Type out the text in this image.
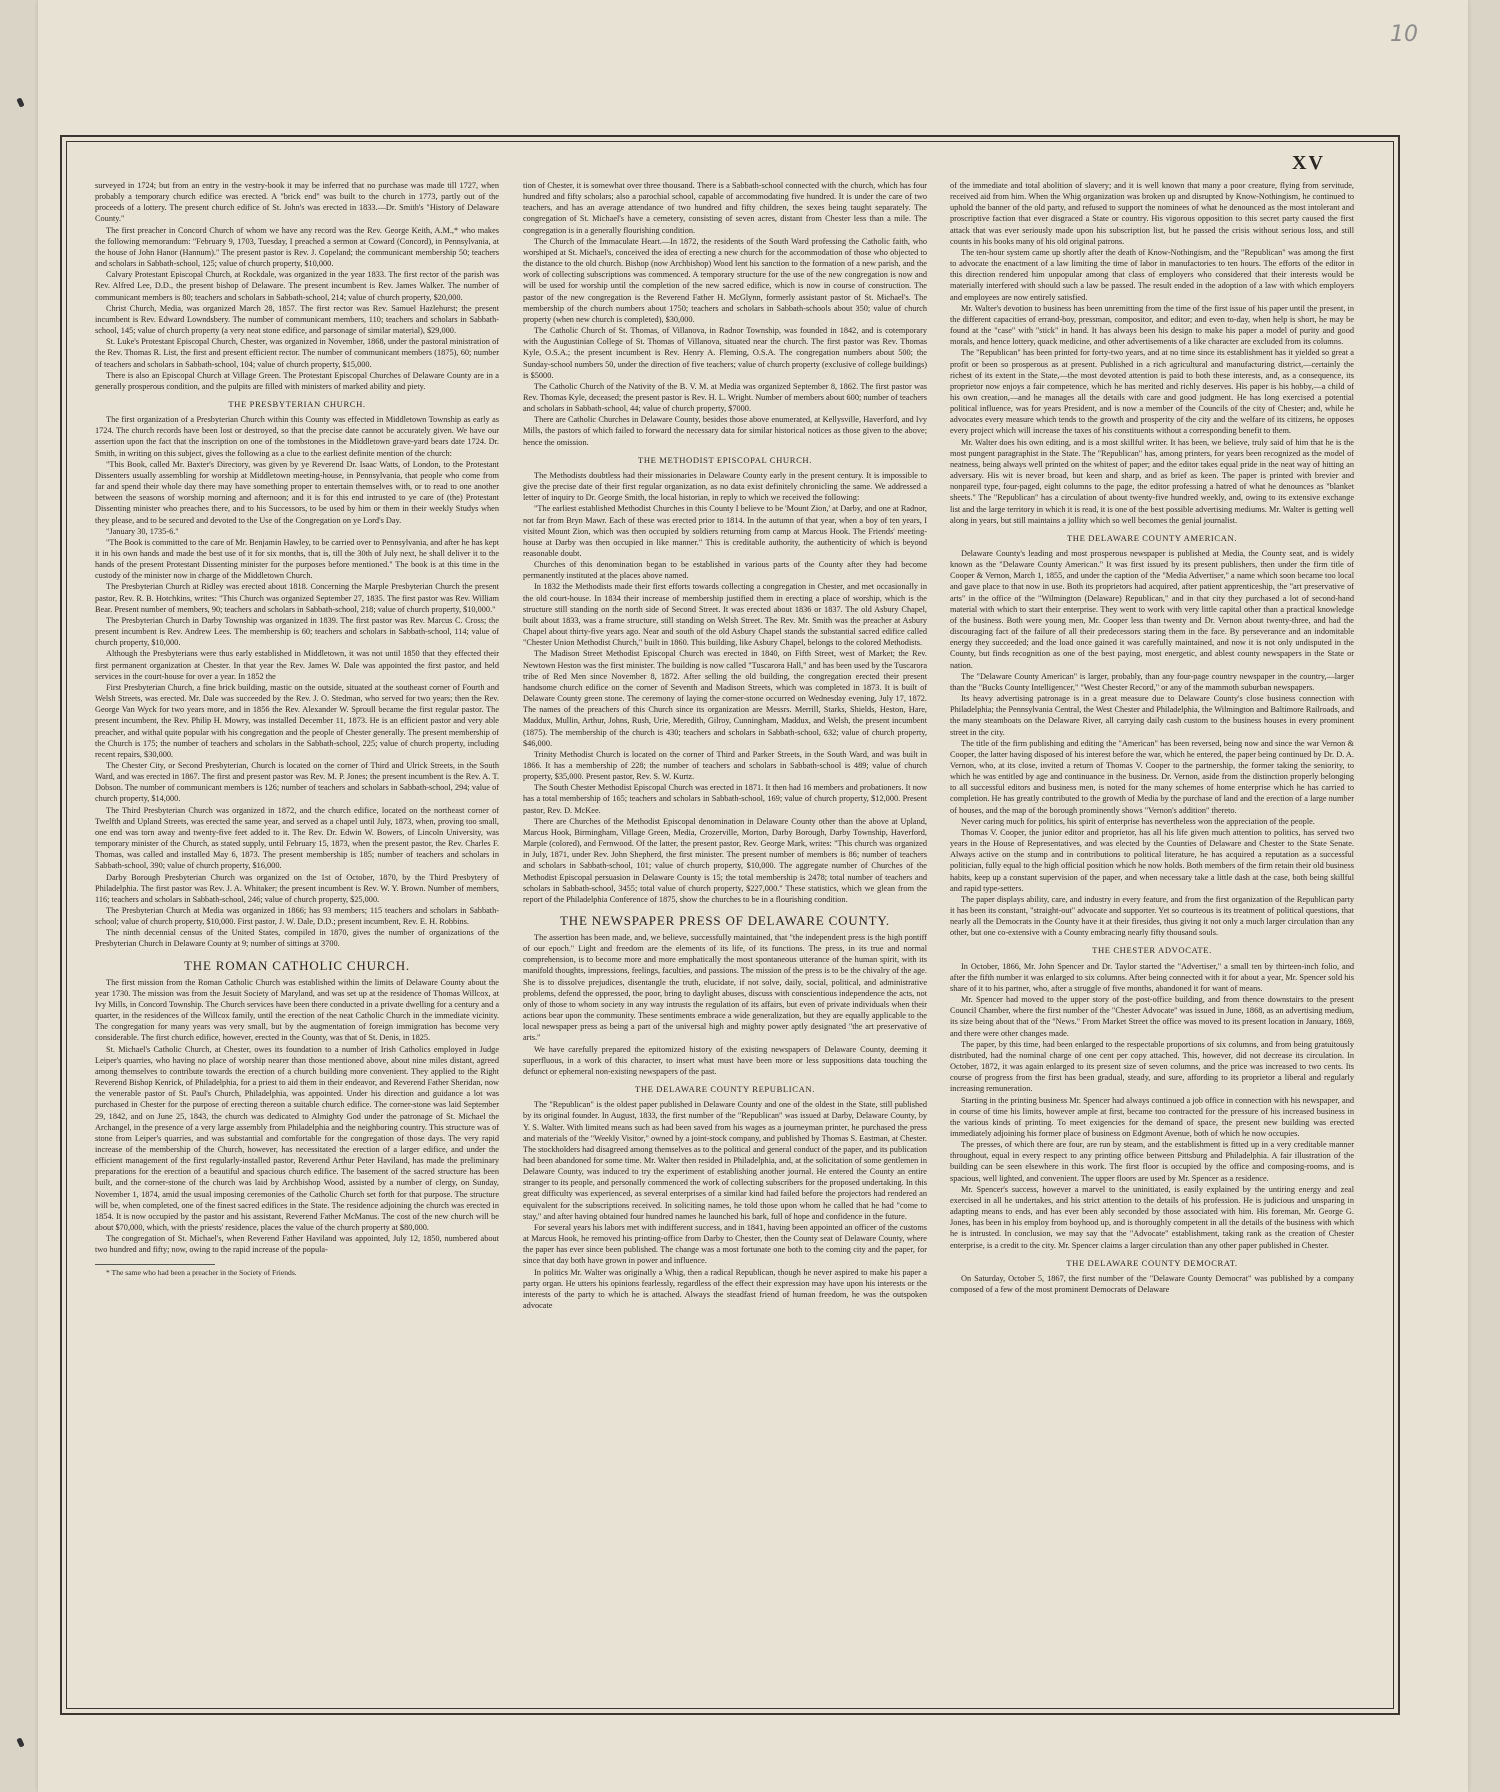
10
XV

surveyed in 1724; but from an entry in the vestry-book it may be inferred that no purchase was made till 1727, when probably a temporary church edifice was erected. A "brick end" was built to the church in 1773, partly out of the proceeds of a lottery. The present church edifice of St. John's was erected in 1833.—Dr. Smith's "History of Delaware County."

The first preacher in Concord Church of whom we have any record was the Rev. George Keith, A.M.,* who makes the following memorandum: "February 9, 1703, Tuesday, I preached a sermon at Coward (Concord), in Pennsylvania, at the house of John Hanor (Hannum)." The present pastor is Rev. J. Copeland; the communicant membership 50; teachers and scholars in Sabbath-school, 125; value of church property, $10,000.

Calvary Protestant Episcopal Church, at Rockdale, was organized in the year 1833. The first rector of the parish was Rev. Alfred Lee, D.D., the present bishop of Delaware. The present incumbent is Rev. James Walker. The number of communicant members is 80; teachers and scholars in Sabbath-school, 214; value of church property, $20,000.

Christ Church, Media, was organized March 28, 1857. The first rector was Rev. Samuel Hazlehurst; the present incumbent is Rev. Edward Lowndsbery. The number of communicant members, 110; teachers and scholars in Sabbath-school, 145; value of church property (a very neat stone edifice, and parsonage of similar material), $29,000.

St. Luke's Protestant Episcopal Church, Chester, was organized in November, 1868, under the pastoral ministration of the Rev. Thomas R. List, the first and present efficient rector. The number of communicant members (1875), 60; number of teachers and scholars in Sabbath-school, 104; value of church property, $15,000.

There is also an Episcopal Church at Village Green. The Protestant Episcopal Churches of Delaware County are in a generally prosperous condition, and the pulpits are filled with ministers of marked ability and piety.

THE PRESBYTERIAN CHURCH.

The first organization of a Presbyterian Church within this County was effected in Middletown Township as early as 1724. The church records have been lost or destroyed, so that the precise date cannot be accurately given. We have our assertion upon the fact that the inscription on one of the tombstones in the Middletown grave-yard bears date 1724. Dr. Smith, in writing on this subject, gives the following as a clue to the earliest definite mention of the church:

"This Book, called Mr. Baxter's Directory, was given by ye Reverend Dr. Isaac Watts, of London, to the Protestant Dissenters usually assembling for worship at Middletown meeting-house, in Pennsylvania, that people who come from far and spend their whole day there may have something proper to entertain themselves with, or to read to one another between the seasons of worship morning and afternoon; and it is for this end intrusted to ye care of (the) Protestant Dissenting minister who preaches there, and to his Successors, to be used by him or them in their weekly Studys when they please, and to be secured and devoted to the Use of the Congregation on ye Lord's Day.

"January 30, 1735-6."

"The Book is committed to the care of Mr. Benjamin Hawley, to be carried over to Pennsylvania, and after he has kept it in his own hands and made the best use of it for six months, that is, till the 30th of July next, he shall deliver it to the hands of the present Protestant Dissenting minister for the purposes before mentioned." The book is at this time in the custody of the minister now in charge of the Middletown Church.

The Presbyterian Church at Ridley was erected about 1818. Concerning the Marple Presbyterian Church the present pastor, Rev. R. B. Hotchkins, writes: "This Church was organized September 27, 1835. The first pastor was Rev. William Bear. Present number of members, 90; teachers and scholars in Sabbath-school, 218; value of church property, $10,000."

The Presbyterian Church in Darby Township was organized in 1839. The first pastor was Rev. Marcus C. Cross; the present incumbent is Rev. Andrew Lees. The membership is 60; teachers and scholars in Sabbath-school, 114; value of church property, $10,000.

Although the Presbyterians were thus early established in Middletown, it was not until 1850 that they effected their first permanent organization at Chester. In that year the Rev. James W. Dale was appointed the first pastor, and held services in the court-house for over a year. In 1852 the

First Presbyterian Church, a fine brick building, mastic on the outside, situated at the southeast corner of Fourth and Welsh Streets, was erected. Mr. Dale was succeeded by the Rev. J. O. Stedman, who served for two years; then the Rev. George Van Wyck for two years more, and in 1856 the Rev. Alexander W. Sproull became the first regular pastor. The present incumbent, the Rev. Philip H. Mowry, was installed December 11, 1873. He is an efficient pastor and very able preacher, and withal quite popular with his congregation and the people of Chester generally. The present membership of the Church is 175; the number of teachers and scholars in the Sabbath-school, 225; value of church property, including recent repairs, $30,000.

The Chester City, or Second Presbyterian, Church is located on the corner of Third and Ulrick Streets, in the South Ward, and was erected in 1867. The first and present pastor was Rev. M. P. Jones; the present incumbent is the Rev. A. T. Dobson. The number of communicant members is 126; number of teachers and scholars in Sabbath-school, 294; value of church property, $14,000.

The Third Presbyterian Church was organized in 1872, and the church edifice, located on the northeast corner of Twelfth and Upland Streets, was erected the same year, and served as a chapel until July, 1873, when, proving too small, one end was torn away and twenty-five feet added to it. The Rev. Dr. Edwin W. Bowers, of Lincoln University, was temporary minister of the Church, as stated supply, until February 15, 1873, when the present pastor, the Rev. Charles F. Thomas, was called and installed May 6, 1873. The present membership is 185; number of teachers and scholars in Sabbath-school, 390; value of church property, $16,000.

Darby Borough Presbyterian Church was organized on the 1st of October, 1870, by the Third Presbytery of Philadelphia. The first pastor was Rev. J. A. Whitaker; the present incumbent is Rev. W. Y. Brown. Number of members, 116; teachers and scholars in Sabbath-school, 246; value of church property, $25,000.

The Presbyterian Church at Media was organized in 1866; has 93 members; 115 teachers and scholars in Sabbath-school; value of church property, $10,000. First pastor, J. W. Dale, D.D.; present incumbent, Rev. E. H. Robbins.

The ninth decennial census of the United States, compiled in 1870, gives the number of organizations of the Presbyterian Church in Delaware County at 9; number of sittings at 3700.

THE ROMAN CATHOLIC CHURCH.

The first mission from the Roman Catholic Church was established within the limits of Delaware County about the year 1730. The mission was from the Jesuit Society of Maryland, and was set up at the residence of Thomas Willcox, at Ivy Mills, in Concord Township. The Church services have been there conducted in a private dwelling for a century and a quarter, in the residences of the Willcox family, until the erection of the neat Catholic Church in the immediate vicinity. The congregation for many years was very small, but by the augmentation of foreign immigration has become very considerable. The first church edifice, however, erected in the County, was that of St. Denis, in 1825.

St. Michael's Catholic Church, at Chester, owes its foundation to a number of Irish Catholics employed in Judge Leiper's quarries, who having no place of worship nearer than those mentioned above, about nine miles distant, agreed among themselves to contribute towards the erection of a church building more convenient. They applied to the Right Reverend Bishop Kenrick, of Philadelphia, for a priest to aid them in their endeavor, and Reverend Father Sheridan, now the venerable pastor of St. Paul's Church, Philadelphia, was appointed. Under his direction and guidance a lot was purchased in Chester for the purpose of erecting thereon a suitable church edifice. The corner-stone was laid September 29, 1842, and on June 25, 1843, the church was dedicated to Almighty God under the patronage of St. Michael the Archangel, in the presence of a very large assembly from Philadelphia and the neighboring country. This structure was of stone from Leiper's quarries, and was substantial and comfortable for the congregation of those days. The very rapid increase of the membership of the Church, however, has necessitated the erection of a larger edifice, and under the efficient management of the first regularly-installed pastor, Reverend Arthur Peter Haviland, has made the preliminary preparations for the erection of a beautiful and spacious church edifice. The basement of the sacred structure has been built, and the corner-stone of the church was laid by Archbishop Wood, assisted by a number of clergy, on Sunday, November 1, 1874, amid the usual imposing ceremonies of the Catholic Church set forth for that purpose. The structure will be, when completed, one of the finest sacred edifices in the State. The residence adjoining the church was erected in 1854. It is now occupied by the pastor and his assistant, Reverend Father McManus. The cost of the new church will be about $70,000, which, with the priests' residence, places the value of the church property at $80,000.

The congregation of St. Michael's, when Reverend Father Haviland was appointed, July 12, 1850, numbered about two hundred and fifty; now, owing to the rapid increase of the popula-

* The same who had been a preacher in the Society of Friends.

tion of Chester, it is somewhat over three thousand. There is a Sabbath-school connected with the church, which has four hundred and fifty scholars; also a parochial school, capable of accommodating five hundred. It is under the care of two teachers, and has an average attendance of two hundred and fifty children, the sexes being taught separately. The congregation of St. Michael's have a cemetery, consisting of seven acres, distant from Chester less than a mile. The congregation is in a generally flourishing condition.

The Church of the Immaculate Heart.—In 1872, the residents of the South Ward professing the Catholic faith, who worshiped at St. Michael's, conceived the idea of erecting a new church for the accommodation of those who objected to the distance to the old church. Bishop (now Archbishop) Wood lent his sanction to the formation of a new parish, and the work of collecting subscriptions was commenced. A temporary structure for the use of the new congregation is now and will be used for worship until the completion of the new sacred edifice, which is now in course of construction. The pastor of the new congregation is the Reverend Father H. McGlynn, formerly assistant pastor of St. Michael's. The membership of the church numbers about 1750; teachers and scholars in Sabbath-schools about 350; value of church property (when new church is completed), $30,000.

The Catholic Church of St. Thomas, of Villanova, in Radnor Township, was founded in 1842, and is cotemporary with the Augustinian College of St. Thomas of Villanova, situated near the church. The first pastor was Rev. Thomas Kyle, O.S.A.; the present incumbent is Rev. Henry A. Fleming, O.S.A. The congregation numbers about 500; the Sunday-school numbers 50, under the direction of five teachers; value of church property (exclusive of college buildings) is $5000.

The Catholic Church of the Nativity of the B. V. M. at Media was organized September 8, 1862. The first pastor was Rev. Thomas Kyle, deceased; the present pastor is Rev. H. L. Wright. Number of members about 600; number of teachers and scholars in Sabbath-school, 44; value of church property, $7000.

There are Catholic Churches in Delaware County, besides those above enumerated, at Kellysville, Haverford, and Ivy Mills, the pastors of which failed to forward the necessary data for similar historical notices as those given to the above; hence the omission.

THE METHODIST EPISCOPAL CHURCH.

The Methodists doubtless had their missionaries in Delaware County early in the present century. It is impossible to give the precise date of their first regular organization, as no data exist definitely chronicling the same. We addressed a letter of inquiry to Dr. George Smith, the local historian, in reply to which we received the following:

"The earliest established Methodist Churches in this County I believe to be 'Mount Zion,' at Darby, and one at Radnor, not far from Bryn Mawr. Each of these was erected prior to 1814. In the autumn of that year, when a boy of ten years, I visited Mount Zion, which was then occupied by soldiers returning from camp at Marcus Hook. The Friends' meeting-house at Darby was then occupied in like manner." This is creditable authority, the authenticity of which is beyond reasonable doubt.

Churches of this denomination began to be established in various parts of the County after they had become permanently instituted at the places above named.

In 1832 the Methodists made their first efforts towards collecting a congregation in Chester, and met occasionally in the old court-house. In 1834 their increase of membership justified them in erecting a place of worship, which is the structure still standing on the north side of Second Street. It was erected about 1836 or 1837. The old Asbury Chapel, built about 1833, was a frame structure, still standing on Welsh Street. The Rev. Mr. Smith was the preacher at Asbury Chapel about thirty-five years ago. Near and south of the old Asbury Chapel stands the substantial sacred edifice called "Chester Union Methodist Church," built in 1860. This building, like Asbury Chapel, belongs to the colored Methodists.

The Madison Street Methodist Episcopal Church was erected in 1840, on Fifth Street, west of Market; the Rev. Newtown Heston was the first minister. The building is now called "Tuscarora Hall," and has been used by the Tuscarora tribe of Red Men since November 8, 1872. After selling the old building, the congregation erected their present handsome church edifice on the corner of Seventh and Madison Streets, which was completed in 1873. It is built of Delaware County green stone. The ceremony of laying the corner-stone occurred on Wednesday evening, July 17, 1872. The names of the preachers of this Church since its organization are Messrs. Merrill, Starks, Shields, Heston, Hare, Maddux, Mullin, Arthur, Johns, Rush, Urie, Meredith, Gilroy, Cunningham, Maddux, and Welsh, the present incumbent (1875). The membership of the church is 430; teachers and scholars in Sabbath-school, 632; value of church property, $46,000.

Trinity Methodist Church is located on the corner of Third and Parker Streets, in the South Ward, and was built in 1866. It has a membership of 228; the number of teachers and scholars in Sabbath-school is 489; value of church property, $35,000. Present pastor, Rev. S. W. Kurtz.

The South Chester Methodist Episcopal Church was erected in 1871. It then had 16 members and probationers. It now has a total membership of 165; teachers and scholars in Sabbath-school, 169; value of church property, $12,000. Present pastor, Rev. D. McKee.

There are Churches of the Methodist Episcopal denomination in Delaware County other than the above at Upland, Marcus Hook, Birmingham, Village Green, Media, Crozerville, Morton, Darby Borough, Darby Township, Haverford, Marple (colored), and Fernwood. Of the latter, the present pastor, Rev. George Mark, writes: "This church was organized in July, 1871, under Rev. John Shepherd, the first minister. The present number of members is 86; number of teachers and scholars in Sabbath-school, 101; value of church property, $10,000. The aggregate number of Churches of the Methodist Episcopal persuasion in Delaware County is 15; the total membership is 2478; total number of teachers and scholars in Sabbath-school, 3455; total value of church property, $227,000." These statistics, which we glean from the report of the Philadelphia Conference of 1875, show the churches to be in a flourishing condition.

THE NEWSPAPER PRESS OF DELAWARE COUNTY.

The assertion has been made, and, we believe, successfully maintained, that "the independent press is the high pontiff of our epoch." Light and freedom are the elements of its life, of its functions. The press, in its true and normal comprehension, is to become more and more emphatically the most spontaneous utterance of the human spirit, with its manifold thoughts, impressions, feelings, faculties, and passions. The mission of the press is to be the chivalry of the age. She is to dissolve prejudices, disentangle the truth, elucidate, if not solve, daily, social, political, and administrative problems, defend the oppressed, the poor, bring to daylight abuses, discuss with conscientious independence the acts, not only of those to whom society in any way intrusts the regulation of its affairs, but even of private individuals when their actions bear upon the community. These sentiments embrace a wide generalization, but they are equally applicable to the local newspaper press as being a part of the universal high and mighty power aptly designated "the art preservative of arts."

We have carefully prepared the epitomized history of the existing newspapers of Delaware County, deeming it superfluous, in a work of this character, to insert what must have been more or less suppositions data touching the defunct or ephemeral non-existing newspapers of the past.

THE DELAWARE COUNTY REPUBLICAN.

The "Republican" is the oldest paper published in Delaware County and one of the oldest in the State, still published by its original founder. In August, 1833, the first number of the "Republican" was issued at Darby, Delaware County, by Y. S. Walter. With limited means such as had been saved from his wages as a journeyman printer, he purchased the press and materials of the "Weekly Visitor," owned by a joint-stock company, and published by Thomas S. Eastman, at Chester. The stockholders had disagreed among themselves as to the political and general conduct of the paper, and its publication had been abandoned for some time. Mr. Walter then resided in Philadelphia, and, at the solicitation of some gentlemen in Delaware County, was induced to try the experiment of establishing another journal. He entered the County an entire stranger to its people, and personally commenced the work of collecting subscribers for the proposed undertaking. In this great difficulty was experienced, as several enterprises of a similar kind had failed before the projectors had rendered an equivalent for the subscriptions received. In soliciting names, he told those upon whom he called that he had "come to stay," and after having obtained four hundred names he launched his bark, full of hope and confidence in the future.

For several years his labors met with indifferent success, and in 1841, having been appointed an officer of the customs at Marcus Hook, he removed his printing-office from Darby to Chester, then the County seat of Delaware County, where the paper has ever since been published. The change was a most fortunate one both to the coming city and the paper, for since that day both have grown in power and influence.

In politics Mr. Walter was originally a Whig, then a radical Republican, though he never aspired to make his paper a party organ. He utters his opinions fearlessly, regardless of the effect their expression may have upon his interests or the interests of the party to which he is attached. Always the steadfast friend of human freedom, he was the outspoken advocate

of the immediate and total abolition of slavery; and it is well known that many a poor creature, flying from servitude, received aid from him. When the Whig organization was broken up and disrupted by Know-Nothingism, he continued to uphold the banner of the old party, and refused to support the nominees of what he denounced as the most intolerant and proscriptive faction that ever disgraced a State or country. His vigorous opposition to this secret party caused the first attack that was ever seriously made upon his subscription list, but he passed the crisis without serious loss, and still counts in his books many of his old original patrons.

The ten-hour system came up shortly after the death of Know-Nothingism, and the "Republican" was among the first to advocate the enactment of a law limiting the time of labor in manufactories to ten hours. The efforts of the editor in this direction rendered him unpopular among that class of employers who considered that their interests would be materially interfered with should such a law be passed. The result ended in the adoption of a law with which employers and employees are now entirely satisfied.

Mr. Walter's devotion to business has been unremitting from the time of the first issue of his paper until the present, in the different capacities of errand-boy, pressman, compositor, and editor; and even to-day, when help is short, he may be found at the "case" with "stick" in hand. It has always been his design to make his paper a model of purity and good morals, and hence lottery, quack medicine, and other advertisements of a like character are excluded from its columns.

The "Republican" has been printed for forty-two years, and at no time since its establishment has it yielded so great a profit or been so prosperous as at present. Published in a rich agricultural and manufacturing district,—certainly the richest of its extent in the State,—the most devoted attention is paid to both these interests, and, as a consequence, its proprietor now enjoys a fair competence, which he has merited and richly deserves. His paper is his hobby,—a child of his own creation,—and he manages all the details with care and good judgment. He has long exercised a potential political influence, was for years President, and is now a member of the Councils of the city of Chester; and, while he advocates every measure which tends to the growth and prosperity of the city and the welfare of its citizens, he opposes every project which will increase the taxes of his constituents without a corresponding benefit to them.

Mr. Walter does his own editing, and is a most skillful writer. It has been, we believe, truly said of him that he is the most pungent paragraphist in the State. The "Republican" has, among printers, for years been recognized as the model of neatness, being always well printed on the whitest of paper; and the editor takes equal pride in the neat way of hitting an adversary. His wit is never broad, but keen and sharp, and as brief as keen. The paper is printed with brevier and nonpareil type, four-paged, eight columns to the page, the editor professing a hatred of what he denounces as "blanket sheets." The "Republican" has a circulation of about twenty-five hundred weekly, and, owing to its extensive exchange list and the large territory in which it is read, it is one of the best possible advertising mediums. Mr. Walter is getting well along in years, but still maintains a jollity which so well becomes the genial journalist.

THE DELAWARE COUNTY AMERICAN.

Delaware County's leading and most prosperous newspaper is published at Media, the County seat, and is widely known as the "Delaware County American." It was first issued by its present publishers, then under the firm title of Cooper & Vernon, March 1, 1855, and under the caption of the "Media Advertiser," a name which soon became too local and gave place to that now in use. Both its proprietors had acquired, after patient apprenticeship, the "art preservative of arts" in the office of the "Wilmington (Delaware) Republican," and in that city they purchased a lot of second-hand material with which to start their enterprise. They went to work with very little capital other than a practical knowledge of the business. Both were young men, Mr. Cooper less than twenty and Dr. Vernon about twenty-three, and had the discouraging fact of the failure of all their predecessors staring them in the face. By perseverance and an indomitable energy they succeeded; and the load once gained it was carefully maintained, and now it is not only undisputed in the County, but finds recognition as one of the best paying, most energetic, and ablest county newspapers in the State or nation.

The "Delaware County American" is larger, probably, than any four-page country newspaper in the country,—larger than the "Bucks County Intelligencer," "West Chester Record," or any of the mammoth suburban newspapers.

Its heavy advertising patronage is in a great measure due to Delaware County's close business connection with Philadelphia; the Pennsylvania Central, the West Chester and Philadelphia, the Wilmington and Baltimore Railroads, and the many steamboats on the Delaware River, all carrying daily cash custom to the business houses in every prominent street in the city.

The title of the firm publishing and editing the "American" has been reversed, being now and since the war Vernon & Cooper, the latter having disposed of his interest before the war, which he entered, the paper being continued by Dr. D. A. Vernon, who, at its close, invited a return of Thomas V. Cooper to the partnership, the former taking the seniority, to which he was entitled by age and continuance in the business. Dr. Vernon, aside from the distinction properly belonging to all successful editors and business men, is noted for the many schemes of home enterprise which he has carried to completion. He has greatly contributed to the growth of Media by the purchase of land and the erection of a large number of houses, and the map of the borough prominently shows "Vernon's addition" thereto.

Never caring much for politics, his spirit of enterprise has nevertheless won the appreciation of the people.

Thomas V. Cooper, the junior editor and proprietor, has all his life given much attention to politics, has served two years in the House of Representatives, and was elected by the Counties of Delaware and Chester to the State Senate. Always active on the stump and in contributions to political literature, he has acquired a reputation as a successful politician, fully equal to the high official position which he now holds. Both members of the firm retain their old business habits, keep up a constant supervision of the paper, and when necessary take a little dash at the case, both being skillful and rapid type-setters.

The paper displays ability, care, and industry in every feature, and from the first organization of the Republican party it has been its constant, "straight-out" advocate and supporter. Yet so courteous is its treatment of political questions, that nearly all the Democrats in the County have it at their firesides, thus giving it not only a much larger circulation than any other, but one co-extensive with a County embracing nearly fifty thousand souls.

THE CHESTER ADVOCATE.

In October, 1866, Mr. John Spencer and Dr. Taylor started the "Advertiser," a small ten by thirteen-inch folio, and after the fifth number it was enlarged to six columns. After being connected with it for about a year, Mr. Spencer sold his share of it to his partner, who, after a struggle of five months, abandoned it for want of means.

Mr. Spencer had moved to the upper story of the post-office building, and from thence downstairs to the present Council Chamber, where the first number of the "Chester Advocate" was issued in June, 1868, as an advertising medium, its size being about that of the "News." From Market Street the office was moved to its present location in January, 1869, and there were other changes made.

The paper, by this time, had been enlarged to the respectable proportions of six columns, and from being gratuitously distributed, had the nominal charge of one cent per copy attached. This, however, did not decrease its circulation. In October, 1872, it was again enlarged to its present size of seven columns, and the price was increased to two cents. Its course of progress from the first has been gradual, steady, and sure, affording to its proprietor a liberal and regularly increasing remuneration.

Starting in the printing business Mr. Spencer had always continued a job office in connection with his newspaper, and in course of time his limits, however ample at first, became too contracted for the pressure of his increased business in the various kinds of printing. To meet exigencies for the demand of space, the present new building was erected immediately adjoining his former place of business on Edgmont Avenue, both of which he now occupies.

The presses, of which there are four, are run by steam, and the establishment is fitted up in a very creditable manner throughout, equal in every respect to any printing office between Pittsburg and Philadelphia. A fair illustration of the building can be seen elsewhere in this work. The first floor is occupied by the office and composing-rooms, and is spacious, well lighted, and convenient. The upper floors are used by Mr. Spencer as a residence.

Mr. Spencer's success, however a marvel to the uninitiated, is easily explained by the untiring energy and zeal exercised in all he undertakes, and his strict attention to the details of his profession. He is judicious and unsparing in adapting means to ends, and has ever been ably seconded by those associated with him. His foreman, Mr. George G. Jones, has been in his employ from boyhood up, and is thoroughly competent in all the details of the business with which he is intrusted. In conclusion, we may say that the "Advocate" establishment, taking rank as the creation of Chester enterprise, is a credit to the city. Mr. Spencer claims a larger circulation than any other paper published in Chester.

THE DELAWARE COUNTY DEMOCRAT.

On Saturday, October 5, 1867, the first number of the "Delaware County Democrat" was published by a company composed of a few of the most prominent Democrats of Delaware
